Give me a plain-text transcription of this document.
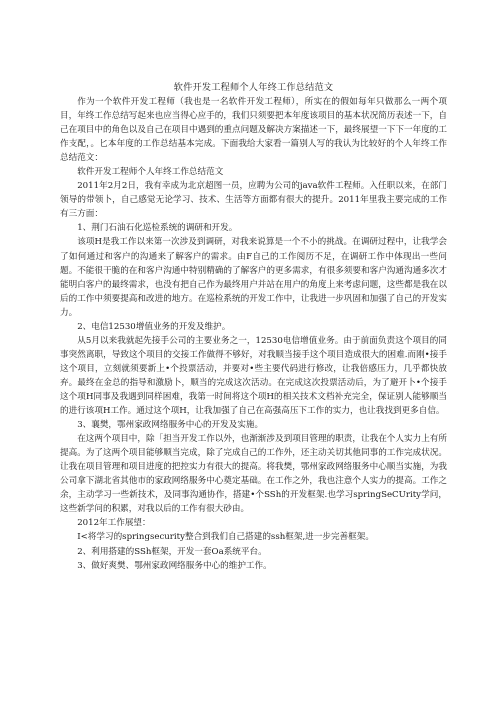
软件开发工程师个人年终工作总结范文

作为一个软件开发工程师（我也是一名软件开发工程师），所实在的假如每年只做那么一两个项目，年终工作总结写起来也应当得心应手的，我们只须要把本年度该项目的基本状况简历表述一下，自己在项目中的角色以及自己在项目中遇到的重点问题及解决方案描述一下，最终展望一下下一年度的工作支配，。匕本年度的工作总结基本完成。下面我给大家看一篇别人写的我认为比较好的个人年终工作总结范文：

软件开发工程师个人年终工作总结范文

2011年2月2日，我有幸成为北京超图一员，应聘为公司的java软件工程师。入任职以来，在部门领导的带领卜，自己感觉无论学习、技术、生活等方面都有很大的提升。2011年里我主要完成的工作有三方面：

1、荆门石油石化巡检系统的调研和开发。

该项H是我工作以来第一次涉及到调研，对我来说算是一个不小的挑战。在调研过程中，让我学会了如何通过和客户的沟通来了解客户的需求。由F自己的工作阅历不足，在调研工作中体现出一些问题。不能很干脆的在和客户沟通中特别精确的了解客户的更多需求，有很多须要和客户沟通沟通多次才能明白客户的最终需求，也没有把自己作为最终用户并站在用户的角度上来考虑问题，这些都是我在以后的工作中须要提高和改进的地方。在巡检系统的开发工作中，让我进一步巩固和加强了自己的开发实力。

2、电信12530增值业务的开发及维护。

从5月以来我就起先接手公司的主要业务之一，12530电信增值业务。由于前面负责这个项目的同事突然离职，导致这个项目的交接工作做得不够好，对我顺当接手这个项目造成很大的困难.而刚•接手这个项目，立刻就须要新上•个投票活动，并要对•些主要代码进行修改，让我倍感压力，几乎都快放弃。最终在金总的指导和激励卜，顺当的完成这次活动。在完成这次投票活动后，为了避开卜•个接手这个项H同事及我遇到同样困难，我第一时间将这个项H的相关技术文档补充完全，保证别人能够顺当的进行该项H工作。通过这个项H，让我加强了自己在高强高压下工作的实力，也让我找到更多自信。

3、襄樊，鄂州家政网络服务中心的开发及实施。

在这两个项目中，除「担当开发工作以外，也渐渐涉及到项目管理的职责，让我在个人实力上有所提高。为了这两个项目能够顺当完成，除了完成自己的工作外，还主动关切其他同事的工作完成状况。让我在项目管理和项目进度的把控实力有很大的提高。将我樊，鄂州家政网络服务中心顺当实施，为我公司拿下湖北省其他市的家政网络服务中心奠定基础。在工作之外，我也注意个人实力的提高。工作之余，主动学习一些新技术，及同事沟通协作，搭建•个SSh的开发框架.也学习springSeCUrity学问，这些新学问的积累，对我以后的工作有很大砂由。

2012年工作展望：

I<将学习的springsecurity整合到我们自己搭建的ssh框架,进一步完善框架。

2、利用搭建的SSh框架，开发一套Oa系统平台。

3、做好爽樊、鄂州家政网络服务中心的维护工作。
